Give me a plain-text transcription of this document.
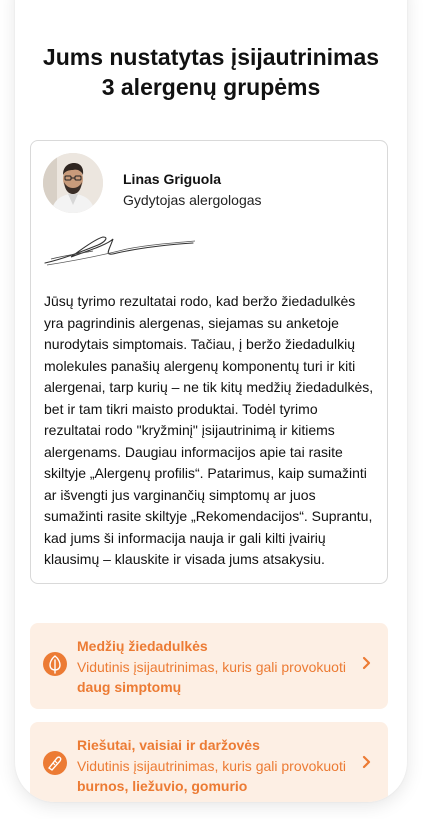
Jums nustatytas įsijautrinimas
3 alergenų grupėms
Linas Griguola
Gydytojas alergologas

Jūsų tyrimo rezultatai rodo, kad beržo žiedadulkės yra pagrindinis alergenas, siejamas su anketoje nurodytais simptomais. Tačiau, į beržo žiedadulkių molekules panašių alergenų komponentų turi ir kiti alergenai, tarp kurių – ne tik kitų medžių žiedadulkės, bet ir tam tikri maisto produktai. Todėl tyrimo rezultatai rodo "kryžminį" įsijautrinimą ir kitiems alergenams. Daugiau informacijos apie tai rasite skiltyje „Alergenų profilis“. Patarimus, kaip sumažinti ar išvengti jus varginančių simptomų ar juos sumažinti rasite skiltyje „Rekomendacijos“. Suprantu, kad jums ši informacija nauja ir gali kilti įvairių klausimų – klauskite ir visada jums atsakysiu.

Medžių žiedadulkės
Vidutinis įsijautrinimas, kuris gali provokuoti daug simptomų
Riešutai, vaisiai ir daržovės
Vidutinis įsijautrinimas, kuris gali provokuoti burnos, liežuvio, gomurio
